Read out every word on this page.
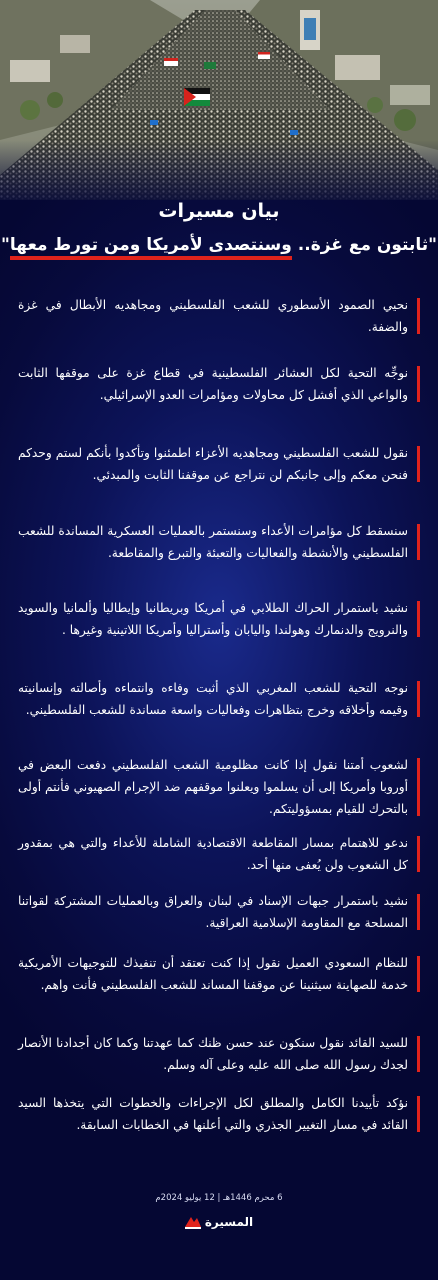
بيان مسيرات

"ثابتون مع غزة.. وسنتصدى لأمريكا ومن تورط معها"
نحيي الصمود الأسطوري للشعب الفلسطيني ومجاهديه الأبطال في غزة والضفة.
نوجِّه التحية لكل العشائر الفلسطينية في قطاع غزة على موقفها الثابت والواعي الذي أفشل كل محاولات ومؤامرات العدو الإسرائيلي.
نقول للشعب الفلسطيني ومجاهديه الأعزاء اطمئنوا وتأكدوا بأنكم لستم وحدكم فنحن معكم وإلى جانبكم لن نتراجع عن موقفنا الثابت والمبدئي.
سنسقط كل مؤامرات الأعداء وسنستمر بالعمليات العسكرية المساندة للشعب الفلسطيني والأنشطة والفعاليات والتعبئة والتبرع والمقاطعة.
نشيد باستمرار الحراك الطلابي في أمريكا وبريطانيا وإيطاليا وألمانيا والسويد والنرويج والدنمارك وهولندا واليابان وأستراليا وأمريكا اللاتينية وغيرها .
نوجه التحية للشعب المغربي الذي أثبت وفاءه وانتماءه وأصالته وإنسانيته وقيمه وأخلاقه وخرج بتظاهرات وفعاليات واسعة مساندة للشعب الفلسطيني.
لشعوب أمتنا نقول إذا كانت مظلومية الشعب الفلسطيني دفعت البعض في أوروبا وأمريكا إلى أن يسلموا ويعلنوا موقفهم ضد الإجرام الصهيوني فأنتم أولى بالتحرك للقيام بمسؤوليتكم.
ندعو للاهتمام بمسار المقاطعة الاقتصادية الشاملة للأعداء والتي هي بمقدور كل الشعوب ولن يُعفى منها أحد.
نشيد باستمرار جبهات الإسناد في لبنان والعراق وبالعمليات المشتركة لقواتنا المسلحة مع المقاومة الإسلامية العراقية.
للنظام السعودي العميل نقول إذا كنت تعتقد أن تنفيذك للتوجيهات الأمريكية خدمة للصهاينة سيثنينا عن موقفنا المساند للشعب الفلسطيني فأنت واهم.
للسيد القائد نقول سنكون عند حسن ظنك كما عهدتنا وكما كان أجدادنا الأنصار لجدك رسول الله صلى الله عليه وعلى آله وسلم.
نؤكد تأييدنا الكامل والمطلق لكل الإجراءات والخطوات التي يتخذها السيد القائد في مسار التغيير الجذري والتي أعلنها في الخطابات السابقة.
6 محرم 1446هـ | 12 يوليو 2024م
المسيرة
